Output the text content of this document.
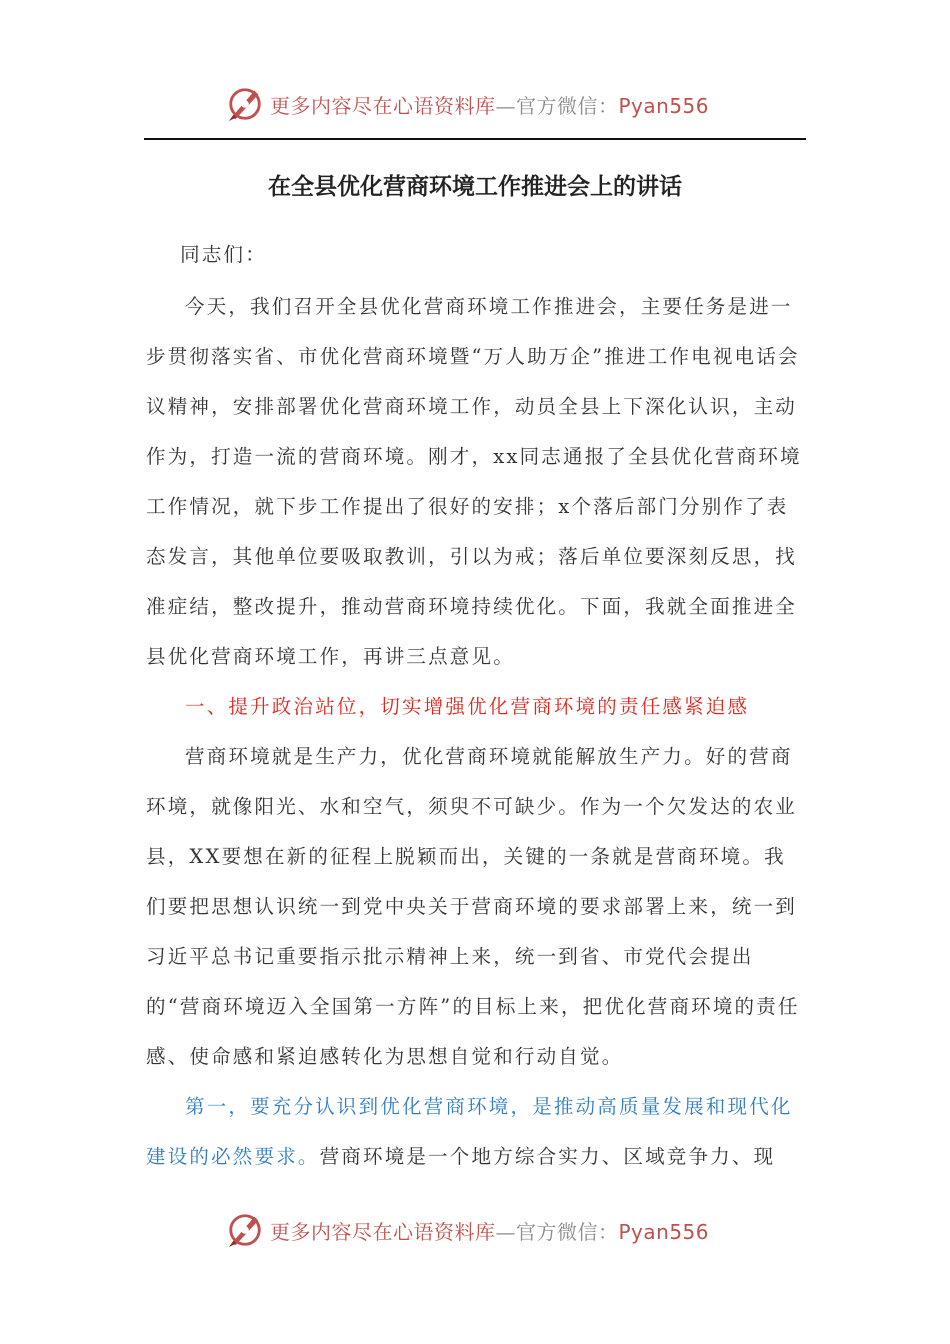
更多内容尽在心语资料库—官方微信：Pyan556
在全县优化营商环境工作推进会上的讲话

同志们：

今天，我们召开全县优化营商环境工作推进会，主要任务是进一步贯彻落实省、市优化营商环境暨“万人助万企”推进工作电视电话会议精神，安排部署优化营商环境工作，动员全县上下深化认识，主动作为，打造一流的营商环境。刚才，xx同志通报了全县优化营商环境工作情况，就下步工作提出了很好的安排；x个落后部门分别作了表态发言，其他单位要吸取教训，引以为戒；落后单位要深刻反思，找准症结，整改提升，推动营商环境持续优化。下面，我就全面推进全县优化营商环境工作，再讲三点意见。

一、提升政治站位，切实增强优化营商环境的责任感紧迫感

营商环境就是生产力，优化营商环境就能解放生产力。好的营商环境，就像阳光、水和空气，须臾不可缺少。作为一个欠发达的农业县，XX要想在新的征程上脱颖而出，关键的一条就是营商环境。我们要把思想认识统一到党中央关于营商环境的要求部署上来，统一到习近平总书记重要指示批示精神上来，统一到省、市党代会提出的“营商环境迈入全国第一方阵”的目标上来，把优化营商环境的责任感、使命感和紧迫感转化为思想自觉和行动自觉。

第一，要充分认识到优化营商环境，是推动高质量发展和现代化建设的必然要求。营商环境是一个地方综合实力、区域竞争力、现

更多内容尽在心语资料库—官方微信：Pyan556
